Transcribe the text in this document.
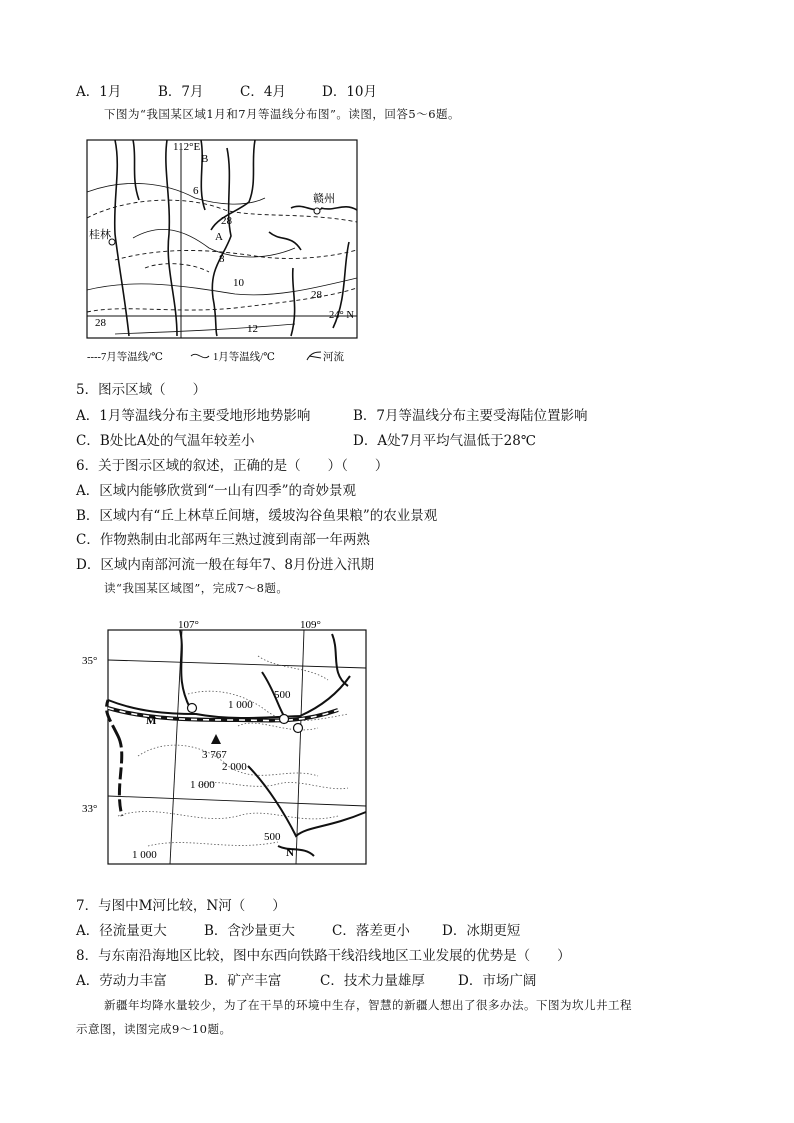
A．1月	B．7月	C．4月	D．10月
下图为“我国某区域1月和7月等温线分布图”。读图，回答5～6题。
112°E
B
6
28
A
8
10
28
12
28
桂林
赣州
24° N
----7月等温线/℃	1月等温线/℃	河流
5．图示区域（　　）
A．1月等温线分布主要受地形地势影响	B．7月等温线分布主要受海陆位置影响
C．B处比A处的气温年较差小	D．A处7月平均气温低于28℃
6．关于图示区域的叙述，正确的是（　　）（　　）
A．区域内能够欣赏到“一山有四季”的奇妙景观
B．区域内有“丘上林草丘间塘，缓坡沟谷鱼果粮”的农业景观
C．作物熟制由北部两年三熟过渡到南部一年两熟
D．区域内南部河流一般在每年7、8月份进入汛期
读“我国某区域图”，完成7～8题。
107°	109°
35°
33°
M
N
3 767
1 000
500
2 000
1 000
500
1 000
7．与图中M河比较，N河（　　）
A．径流量更大	B．含沙量更大	C．落差更小 D．冰期更短
8．与东南沿海地区比较，图中东西向铁路干线沿线地区工业发展的优势是（　　）
A．劳动力丰富	B．矿产丰富	C．技术力量雄厚 D．市场广阔
新疆年均降水量较少，为了在干旱的环境中生存，智慧的新疆人想出了很多办法。下图为坎儿井工程
示意图，读图完成9～10题。
